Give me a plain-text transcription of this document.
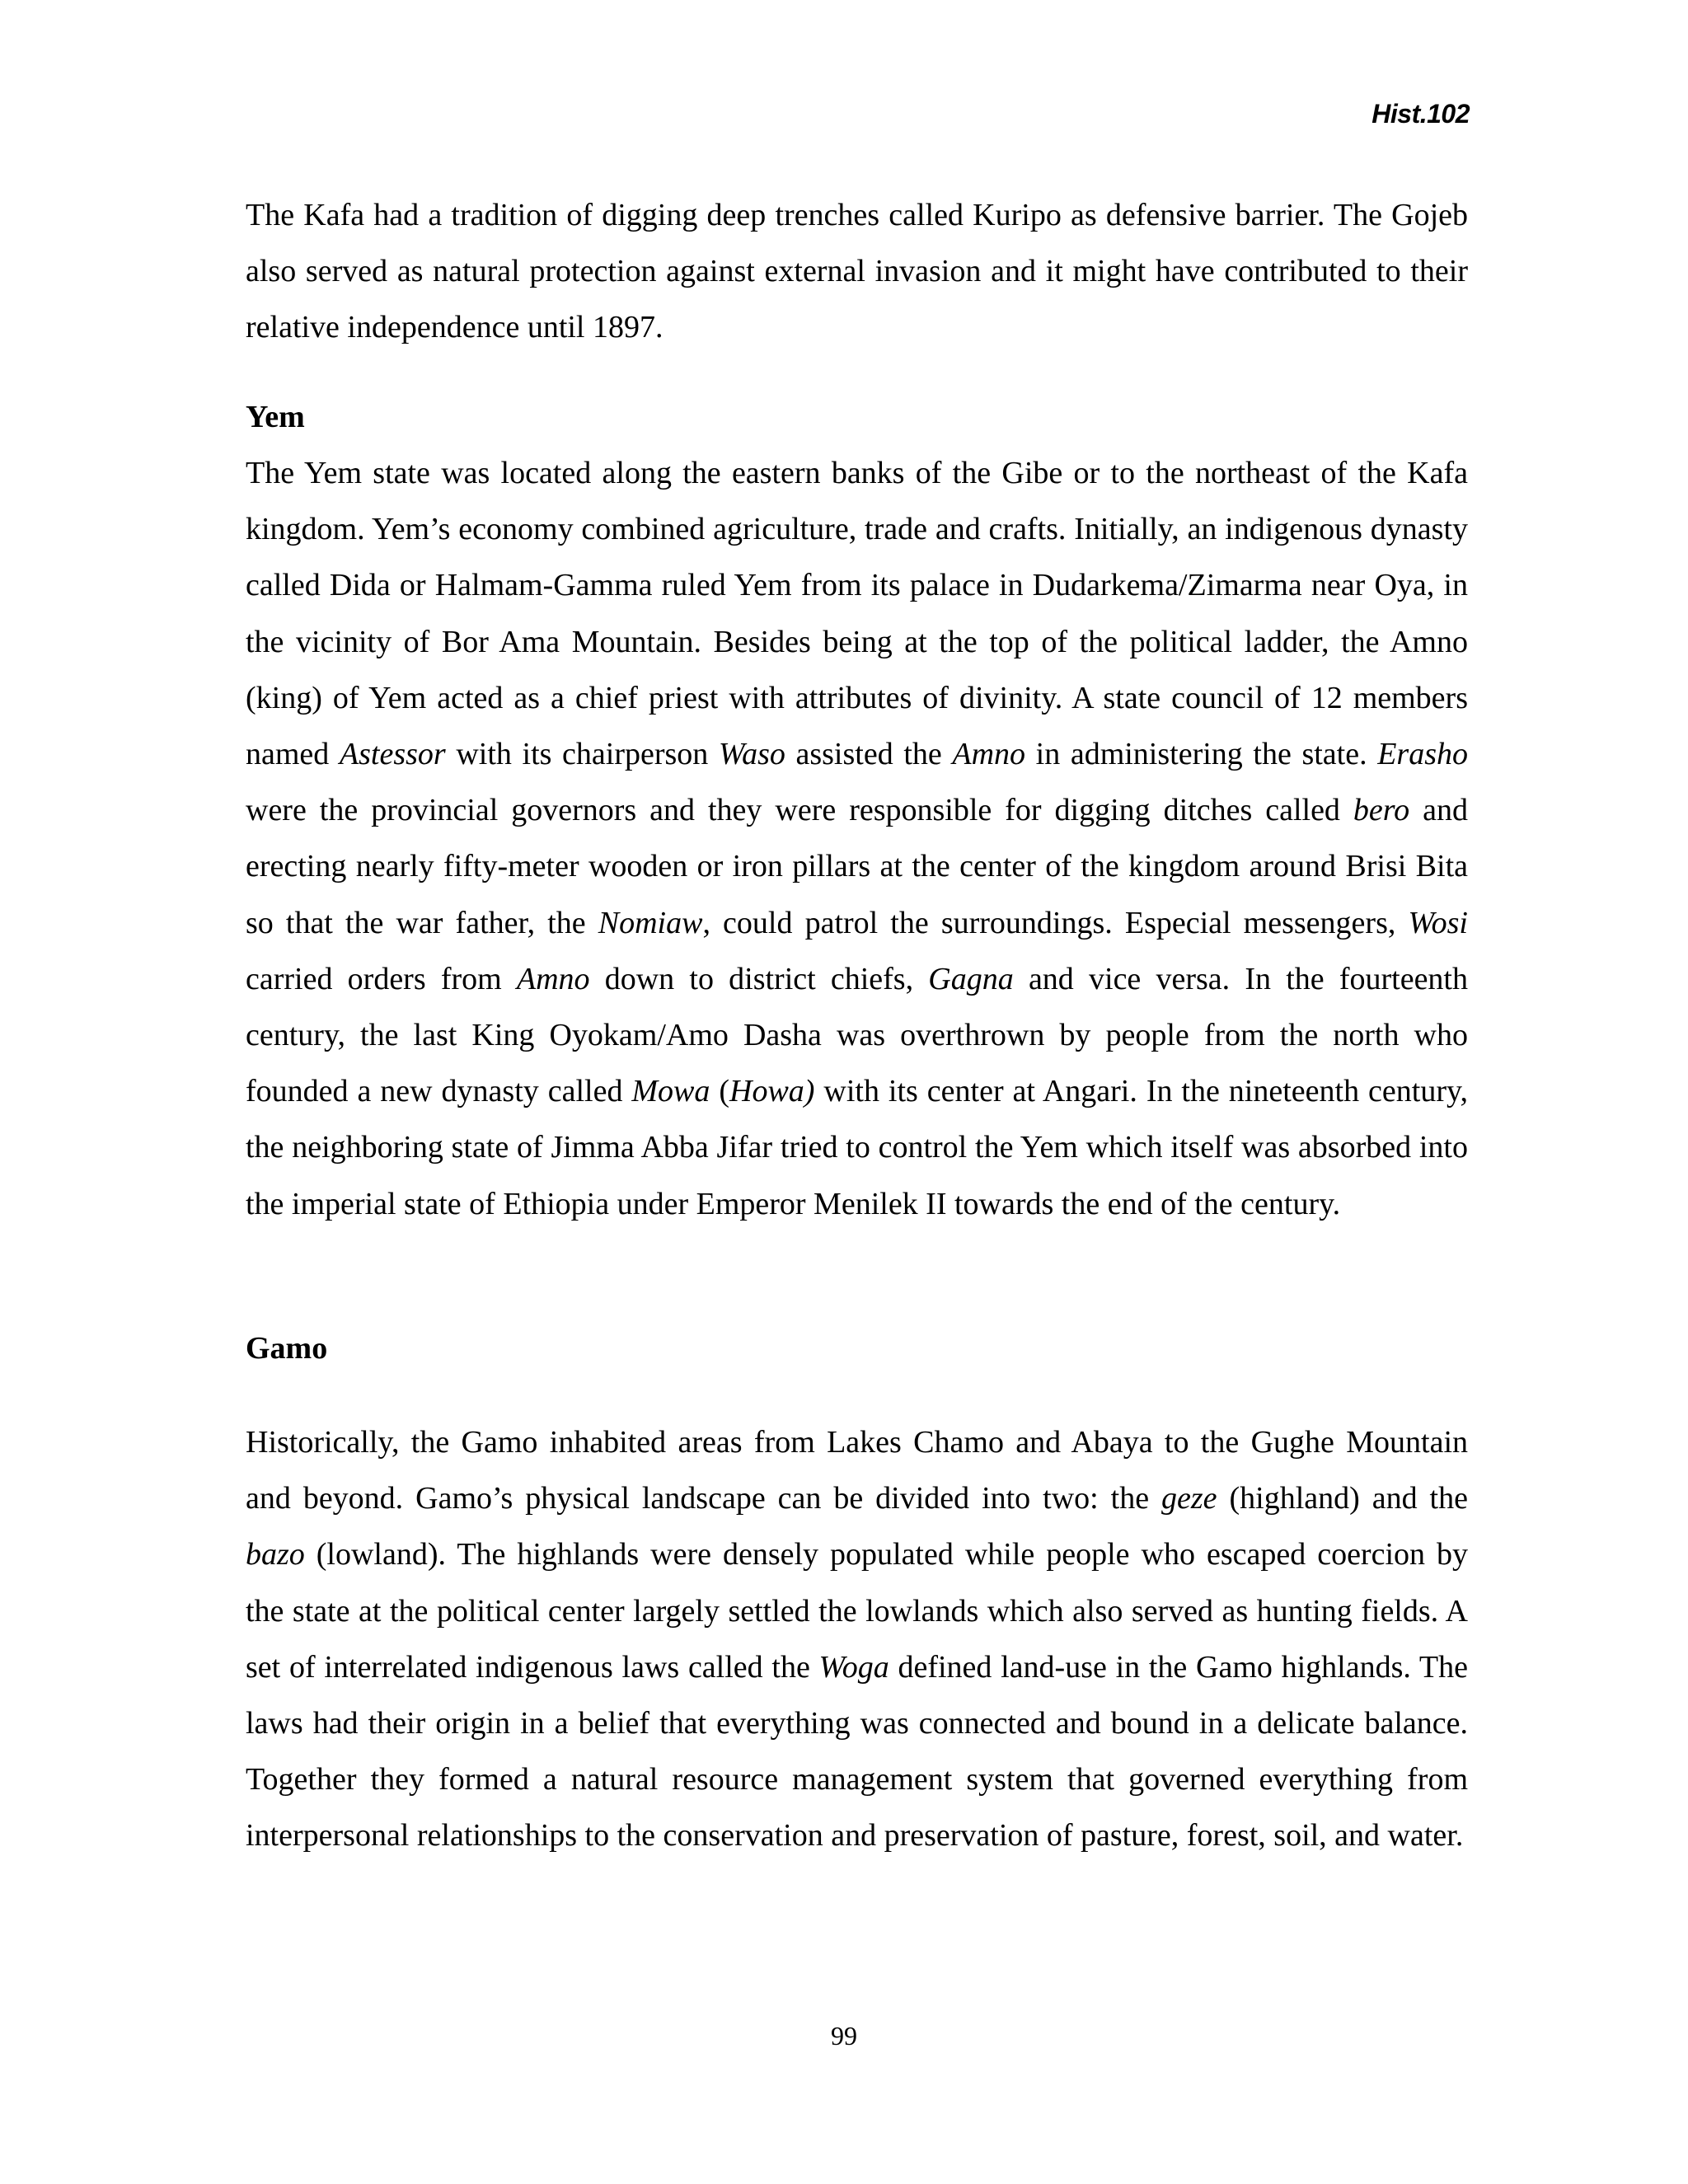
Hist.102

The Kafa had a tradition of digging deep trenches called Kuripo as defensive barrier. The Gojeb also served as natural protection against external invasion and it might have contributed to their relative independence until 1897.

Yem

The Yem state was located along the eastern banks of the Gibe or to the northeast of the Kafa kingdom. Yem’s economy combined agriculture, trade and crafts. Initially, an indigenous dynasty called Dida or Halmam-Gamma ruled Yem from its palace in Dudarkema/Zimarma near Oya, in the vicinity of Bor Ama Mountain. Besides being at the top of the political ladder, the Amno (king) of Yem acted as a chief priest with attributes of divinity. A state council of 12 members named Astessor with its chairperson Waso assisted the Amno in administering the state. Erasho were the provincial governors and they were responsible for digging ditches called bero and erecting nearly fifty-meter wooden or iron pillars at the center of the kingdom around Brisi Bita so that the war father, the Nomiaw, could patrol the surroundings. Especial messengers, Wosi carried orders from Amno down to district chiefs, Gagna and vice versa. In the fourteenth century, the last King Oyokam/Amo Dasha was overthrown by people from the north who founded a new dynasty called Mowa (Howa) with its center at Angari. In the nineteenth century, the neighboring state of Jimma Abba Jifar tried to control the Yem which itself was absorbed into the imperial state of Ethiopia under Emperor Menilek II towards the end of the century.

Gamo

Historically, the Gamo inhabited areas from Lakes Chamo and Abaya to the Gughe Mountain and beyond. Gamo’s physical landscape can be divided into two: the geze (highland) and the bazo (lowland). The highlands were densely populated while people who escaped coercion by the state at the political center largely settled the lowlands which also served as hunting fields. A set of interrelated indigenous laws called the Woga defined land-use in the Gamo highlands. The laws had their origin in a belief that everything was connected and bound in a delicate balance. Together they formed a natural resource management system that governed everything from interpersonal relationships to the conservation and preservation of pasture, forest, soil, and water.

99
